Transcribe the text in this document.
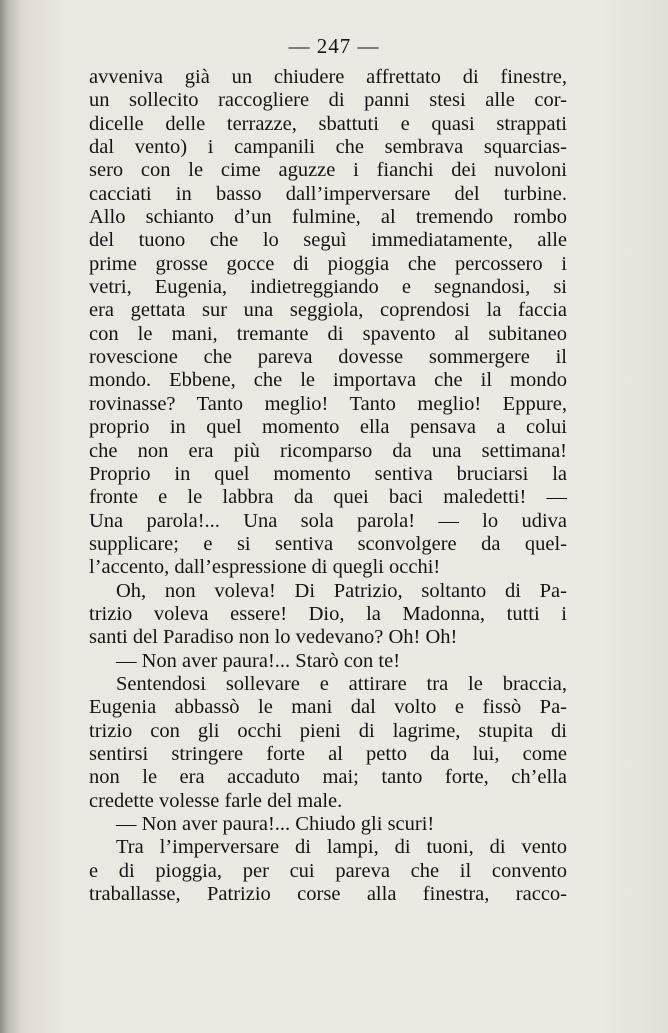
— 247 —
avveniva già un chiudere affrettato di finestre,
un sollecito raccogliere di panni stesi alle cor-
dicelle delle terrazze, sbattuti e quasi strappati
dal vento) i campanili che sembrava squarcias-
sero con le cime aguzze i fianchi dei nuvoloni
cacciati in basso dall’imperversare del turbine.
Allo schianto d’un fulmine, al tremendo rombo
del tuono che lo seguì immediatamente, alle
prime grosse gocce di pioggia che percossero i
vetri, Eugenia, indietreggiando e segnandosi, si
era gettata sur una seggiola, coprendosi la faccia
con le mani, tremante di spavento al subitaneo
rovescione che pareva dovesse sommergere il
mondo. Ebbene, che le importava che il mondo
rovinasse? Tanto meglio! Tanto meglio! Eppure,
proprio in quel momento ella pensava a colui
che non era più ricomparso da una settimana!
Proprio in quel momento sentiva bruciarsi la
fronte e le labbra da quei baci maledetti! —
Una parola!... Una sola parola! — lo udiva
supplicare; e si sentiva sconvolgere da quel-
l’accento, dall’espressione di quegli occhi!
Oh, non voleva! Di Patrizio, soltanto di Pa-
trizio voleva essere! Dio, la Madonna, tutti i
santi del Paradiso non lo vedevano? Oh! Oh!
— Non aver paura!... Starò con te!
Sentendosi sollevare e attirare tra le braccia,
Eugenia abbassò le mani dal volto e fissò Pa-
trizio con gli occhi pieni di lagrime, stupita di
sentirsi stringere forte al petto da lui, come
non le era accaduto mai; tanto forte, ch’ella
credette volesse farle del male.
— Non aver paura!... Chiudo gli scuri!
Tra l’imperversare di lampi, di tuoni, di vento
e di pioggia, per cui pareva che il convento
traballasse, Patrizio corse alla finestra, racco-
